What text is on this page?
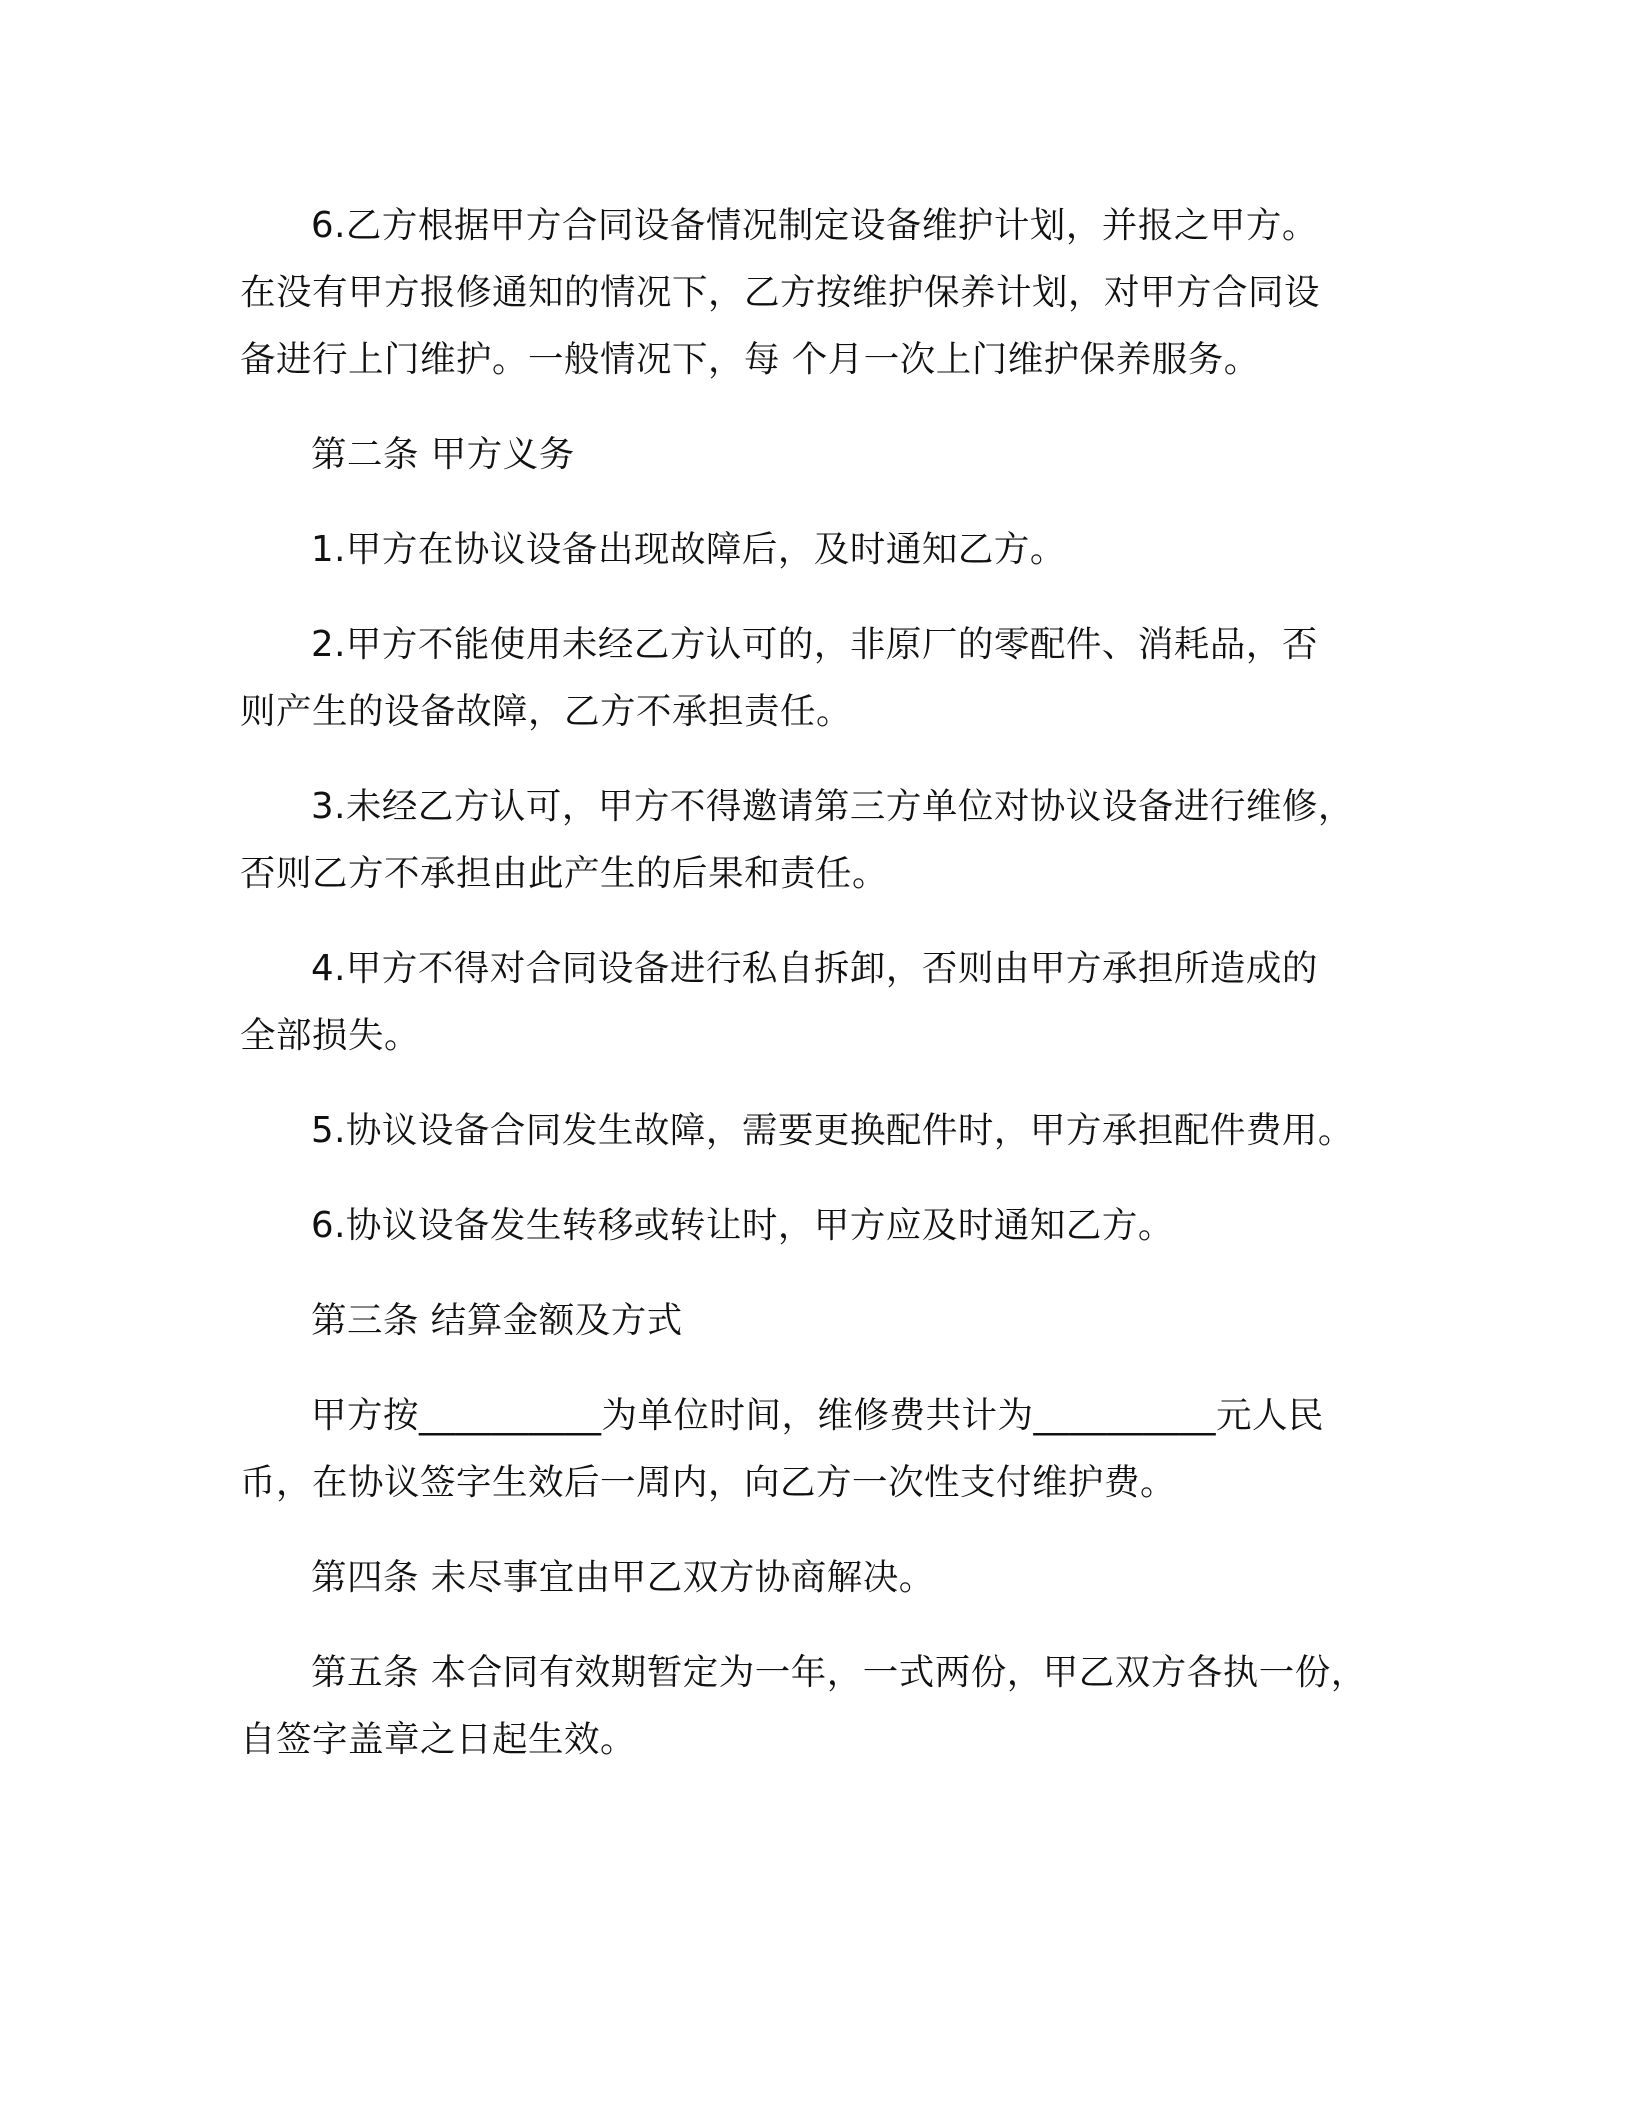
6.乙方根据甲方合同设备情况制定设备维护计划，并报之甲方。
在没有甲方报修通知的情况下，乙方按维护保养计划，对甲方合同设
备进行上门维护。一般情况下，每 个月一次上门维护保养服务。
第二条 甲方义务
1.甲方在协议设备出现故障后，及时通知乙方。
2.甲方不能使用未经乙方认可的，非原厂的零配件、消耗品，否
则产生的设备故障，乙方不承担责任。
3.未经乙方认可，甲方不得邀请第三方单位对协议设备进行维修，
否则乙方不承担由此产生的后果和责任。
4.甲方不得对合同设备进行私自拆卸，否则由甲方承担所造成的
全部损失。
5.协议设备合同发生故障，需要更换配件时，甲方承担配件费用。
6.协议设备发生转移或转让时，甲方应及时通知乙方。
第三条 结算金额及方式
甲方按__________为单位时间，维修费共计为__________元人民
币，在协议签字生效后一周内，向乙方一次性支付维护费。
第四条 未尽事宜由甲乙双方协商解决。
第五条 本合同有效期暂定为一年，一式两份，甲乙双方各执一份，
自签字盖章之日起生效。
